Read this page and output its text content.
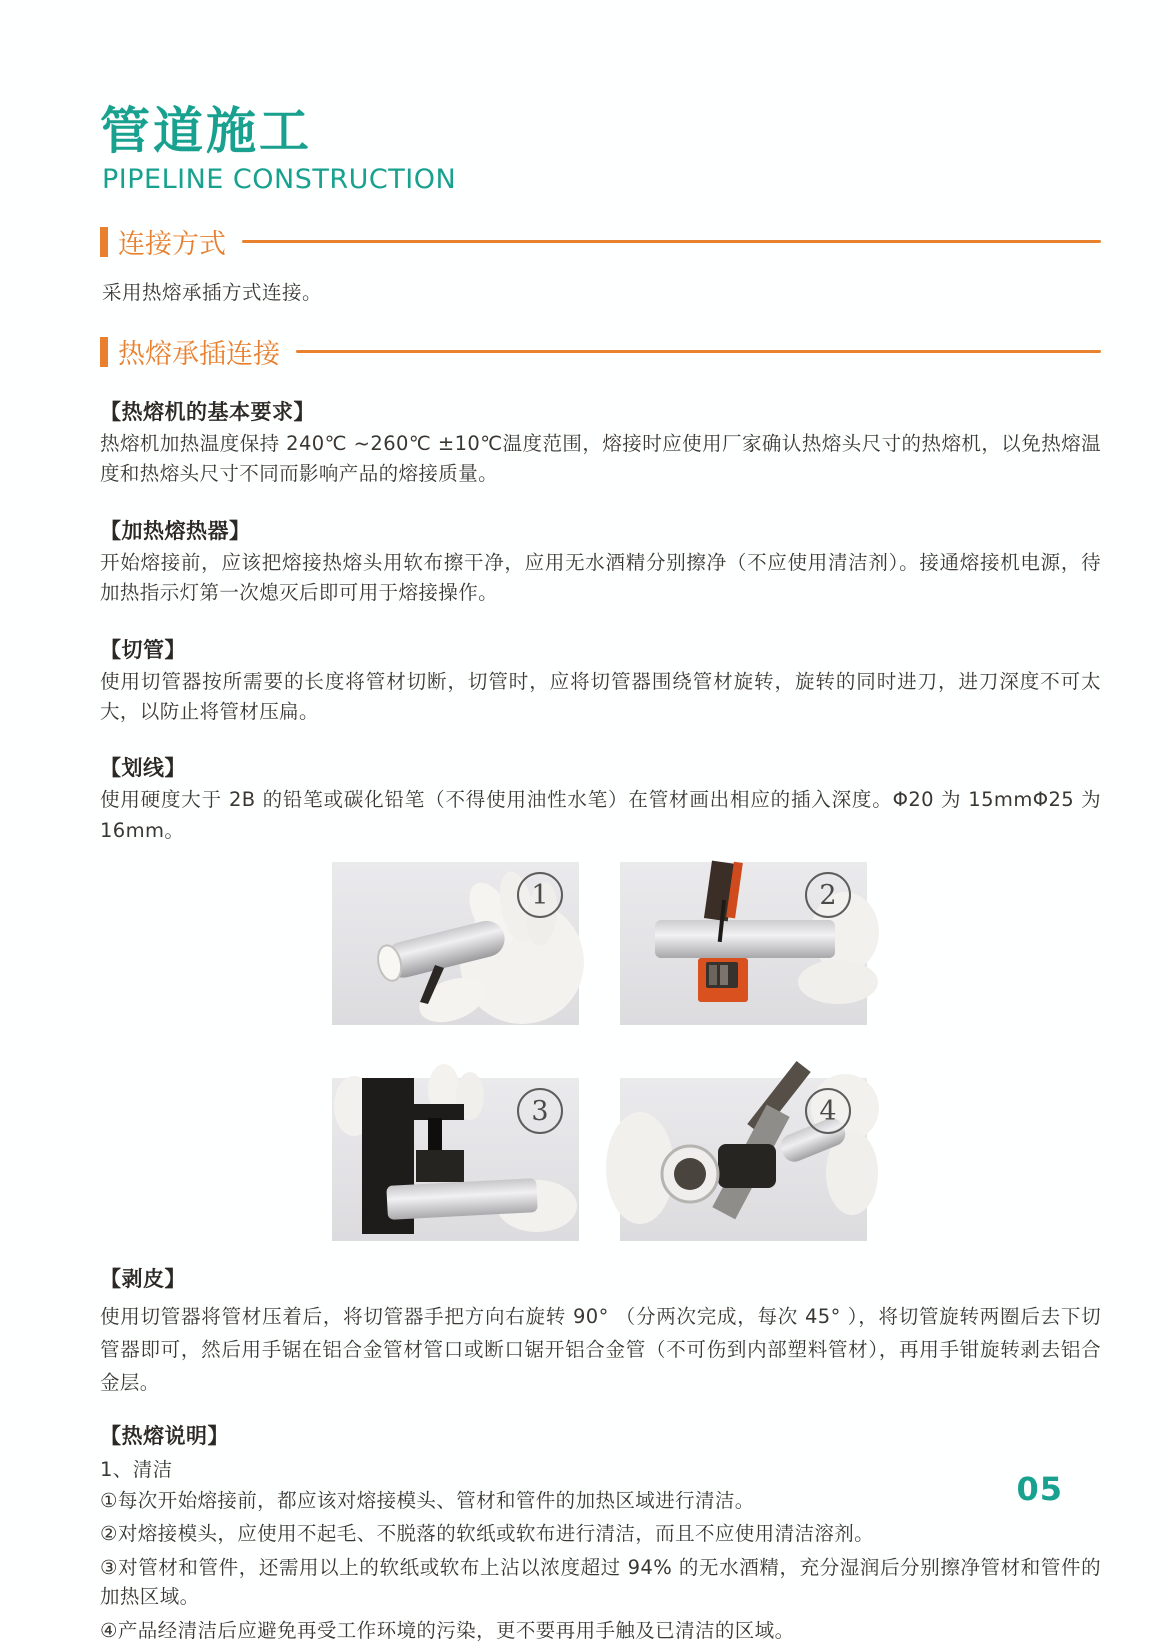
管道施工
PIPELINE CONSTRUCTION
连接方式
采用热熔承插方式连接。
热熔承插连接
【热熔机的基本要求】
热熔机加热温度保持 240℃ ~260℃ ±10℃温度范围，熔接时应使用厂家确认热熔头尺寸的热熔机，以免热熔温度和热熔头尺寸不同而影响产品的熔接质量。
【加热熔热器】
开始熔接前，应该把熔接热熔头用软布擦干净，应用无水酒精分别擦净（不应使用清洁剂）。接通熔接机电源，待加热指示灯第一次熄灭后即可用于熔接操作。
【切管】
使用切管器按所需要的长度将管材切断，切管时，应将切管器围绕管材旋转，旋转的同时进刀，进刀深度不可太大，以防止将管材压扁。
【划线】
使用硬度大于 2B 的铅笔或碳化铅笔（不得使用油性水笔）在管材画出相应的插入深度。Φ20 为 15mmΦ25 为 16mm。
1	2
3	4
【剥皮】
使用切管器将管材压着后，将切管器手把方向右旋转 90° （分两次完成，每次 45° ），将切管旋转两圈后去下切管器即可，然后用手锯在铝合金管材管口或断口锯开铝合金管（不可伤到内部塑料管材），再用手钳旋转剥去铝合金层。
【热熔说明】
1、清洁
①每次开始熔接前，都应该对熔接模头、管材和管件的加热区域进行清洁。
②对熔接模头，应使用不起毛、不脱落的软纸或软布进行清洁，而且不应使用清洁溶剂。
③对管材和管件，还需用以上的软纸或软布上沾以浓度超过 94% 的无水酒精，充分湿润后分别擦净管材和管件的加热区域。
④产品经清洁后应避免再受工作环境的污染，更不要再用手触及已清洁的区域。
05
